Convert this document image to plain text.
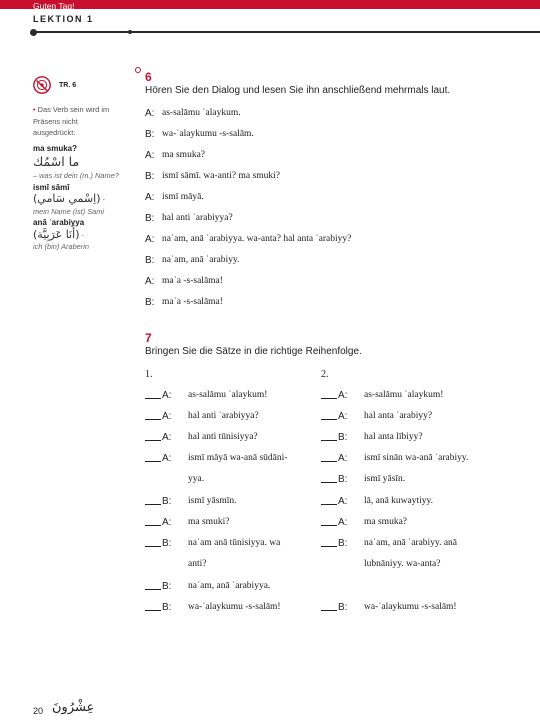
Guten Tag!
LEKTION 1
TR. 6
• Das Verb sein wird im Präsens nicht ausgedrückt:
ma smuka?
ما اسْمُك
– was ist dein (m.) Name?
ismī sāmī
(اِسْمي سَامي) -
mein Name (ist) Sami
anā ʿarabiyya
(أَنَا عَرَبِيَّة) -
ich (bin) Araberin
6
Hören Sie den Dialog und lesen Sie ihn anschließend mehrmals laut.
A: as-salāmu ʿalaykum.
B: wa-ʿalaykumu -s-salām.
A: ma smuka?
B: ismī sāmī. wa-anti? ma smuki?
A: ismī māyā.
B: hal anti ʿarabiyya?
A: naʿam, anā ʿarabiyya. wa-anta? hal anta ʿarabiyy?
B: naʿam, anā ʿarabiyy.
A: maʿa -s-salāma!
B: maʿa -s-salāma!
7
Bringen Sie die Sätze in die richtige Reihenfolge.
1.	2.
A: as-salāmu ʿalaykum!
A: hal anti ʿarabiyya?
A: hal anti tūnisiyya?
A: ismī māyā wa-anā sūdāni-
yya.
B: ismī yāsmīn.
A: ma smuki?
B: naʿam anā tūnisiyya. wa
anti?
B: naʿam, anā ʿarabiyya.
B: wa-ʿalaykumu -s-salām!
A: as-salāmu ʿalaykum!
A: hal anta ʿarabiyy?
B: hal anta lībiyy?
A: ismī sinān wa-anā ʿarabiyy.
B: ismī yāsīn.
A: lā, anā kuwaytiyy.
A: ma smuka?
B: naʿam, anā ʿarabiyy. anā
lubnāniyy. wa-anta?
B: wa-ʿalaykumu -s-salām!
20 عِشْرُونَ
